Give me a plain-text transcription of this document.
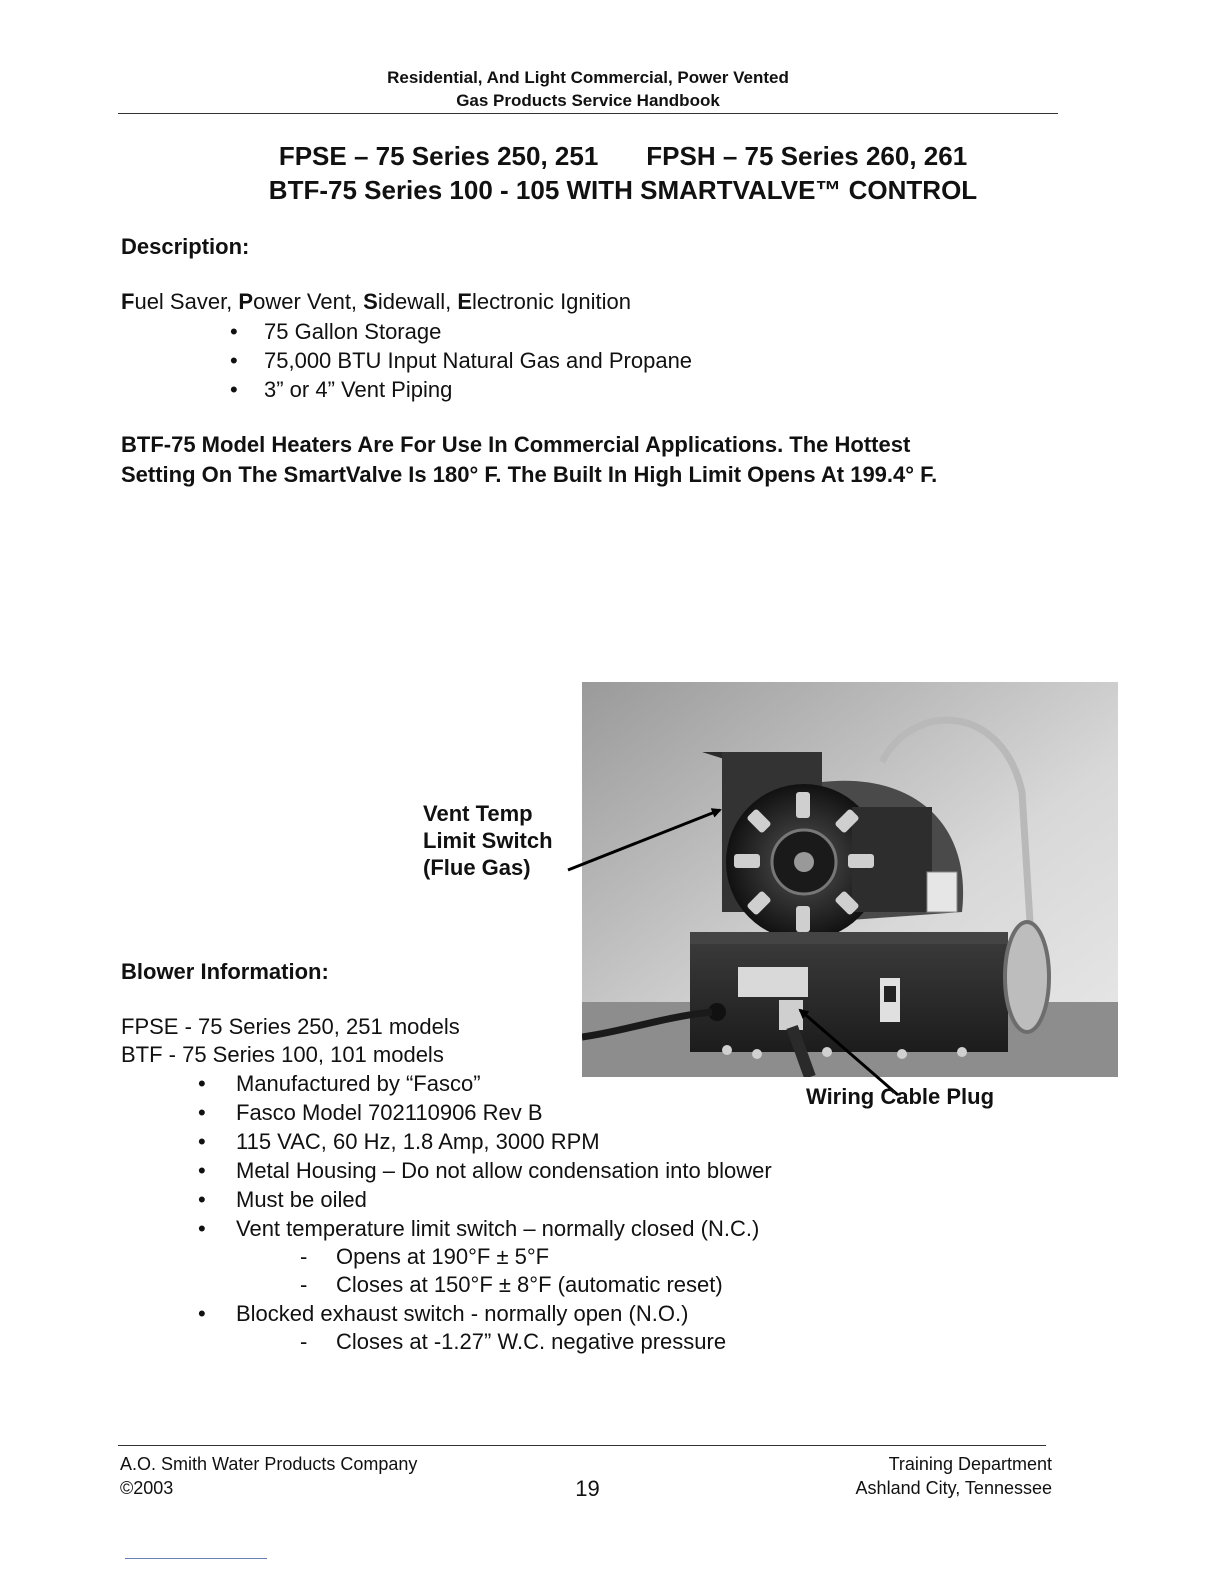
Residential, And Light Commercial, Power Vented
Gas Products Service Handbook
FPSE – 75 Series 250, 251 FPSH – 75 Series 260, 261
BTF-75 Series 100 - 105 WITH SMARTVALVE™ CONTROL
Description:
Fuel Saver, Power Vent, Sidewall, Electronic Ignition
• 75 Gallon Storage
• 75,000 BTU Input Natural Gas and Propane
• 3” or 4” Vent Piping
BTF-75 Model Heaters Are For Use In Commercial Applications. The Hottest
Setting On The SmartValve Is 180° F. The Built In High Limit Opens At 199.4° F.
Vent Temp
Limit Switch
(Flue Gas)
Wiring Cable Plug
Blower Information:
FPSE - 75 Series 250, 251 models
BTF - 75 Series 100, 101 models
• Manufactured by “Fasco”
• Fasco Model 702110906 Rev B
• 115 VAC, 60 Hz, 1.8 Amp, 3000 RPM
• Metal Housing – Do not allow condensation into blower
• Must be oiled
• Vent temperature limit switch – normally closed (N.C.)
- Opens at 190°F ± 5°F
- Closes at 150°F ± 8°F (automatic reset)
• Blocked exhaust switch - normally open (N.O.)
- Closes at -1.27” W.C. negative pressure
A.O. Smith Water Products Company
©2003	19
Training Department
Ashland City, Tennessee
